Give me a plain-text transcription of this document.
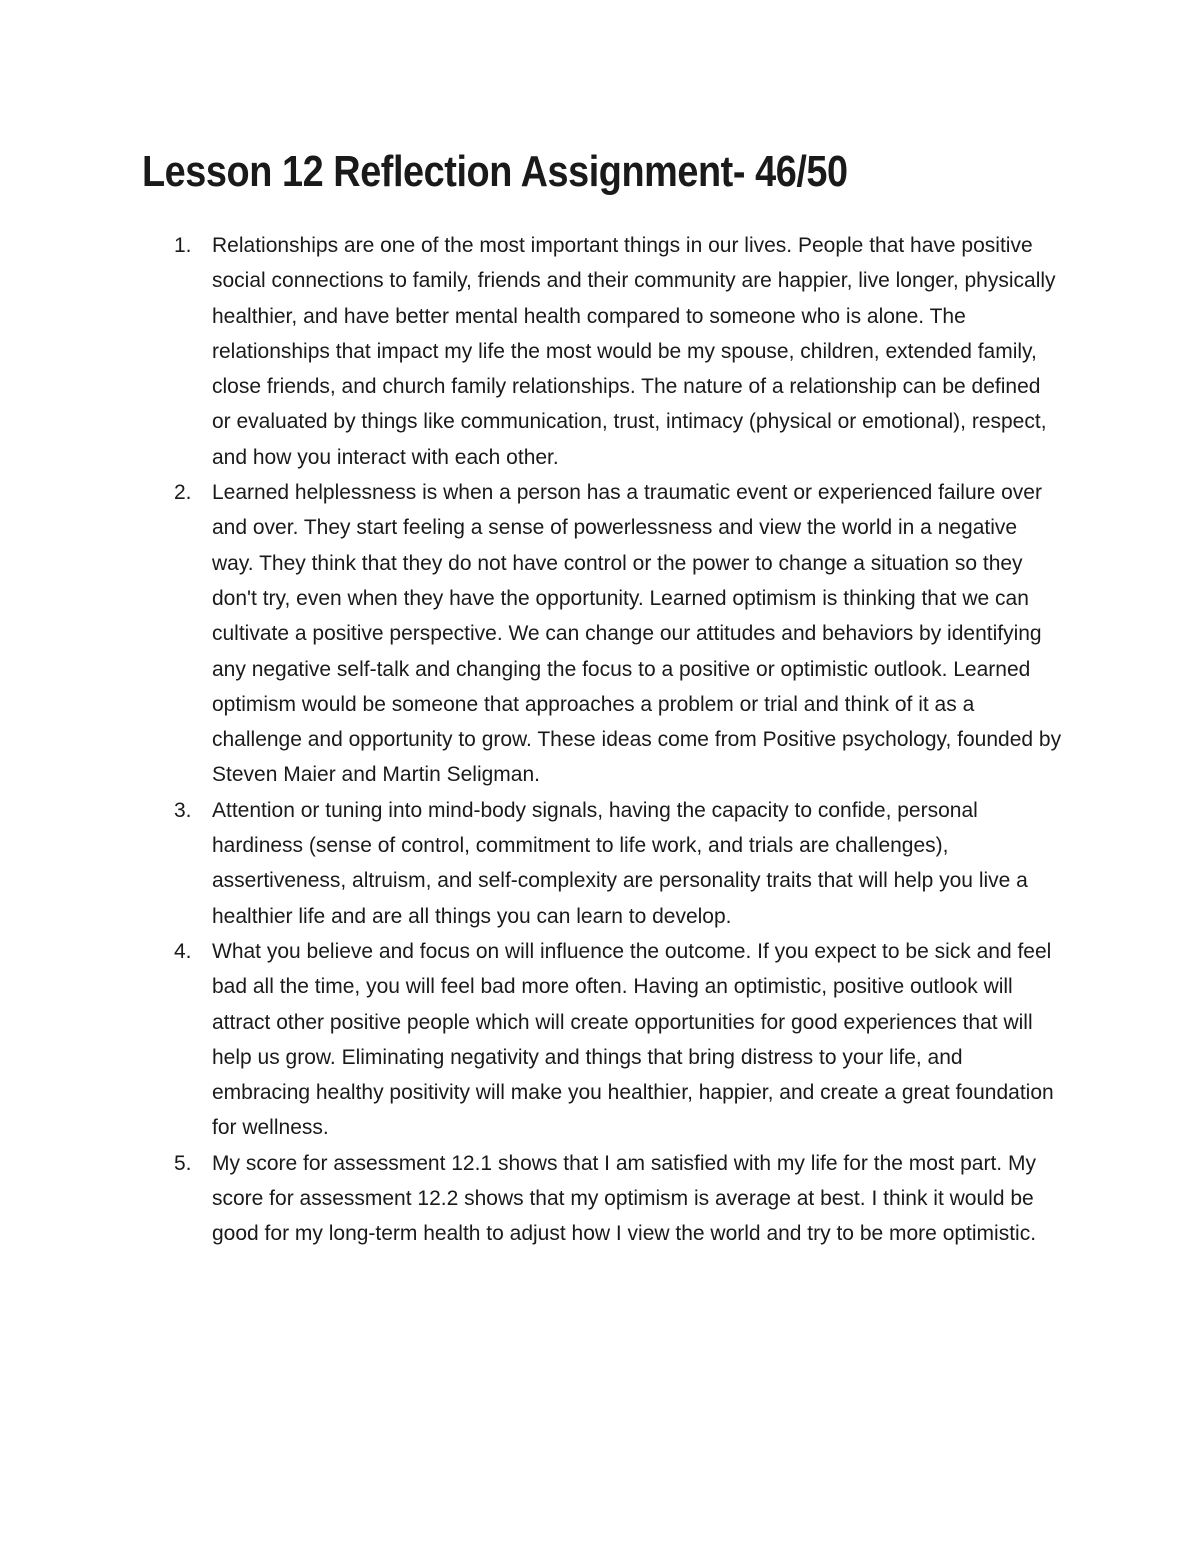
Lesson 12 Reflection Assignment- 46/50
1. Relationships are one of the most important things in our lives. People that have positive social connections to family, friends and their community are happier, live longer, physically healthier, and have better mental health compared to someone who is alone. The relationships that impact my life the most would be my spouse, children, extended family, close friends, and church family relationships. The nature of a relationship can be defined or evaluated by things like communication, trust, intimacy (physical or emotional), respect, and how you interact with each other.
2. Learned helplessness is when a person has a traumatic event or experienced failure over and over. They start feeling a sense of powerlessness and view the world in a negative way. They think that they do not have control or the power to change a situation so they don't try, even when they have the opportunity. Learned optimism is thinking that we can cultivate a positive perspective. We can change our attitudes and behaviors by identifying any negative self-talk and changing the focus to a positive or optimistic outlook. Learned optimism would be someone that approaches a problem or trial and think of it as a challenge and opportunity to grow. These ideas come from Positive psychology, founded by Steven Maier and Martin Seligman.
3. Attention or tuning into mind-body signals, having the capacity to confide, personal hardiness (sense of control, commitment to life work, and trials are challenges), assertiveness, altruism, and self-complexity are personality traits that will help you live a healthier life and are all things you can learn to develop.
4. What you believe and focus on will influence the outcome. If you expect to be sick and feel bad all the time, you will feel bad more often. Having an optimistic, positive outlook will attract other positive people which will create opportunities for good experiences that will help us grow. Eliminating negativity and things that bring distress to your life, and embracing healthy positivity will make you healthier, happier, and create a great foundation for wellness.
5. My score for assessment 12.1 shows that I am satisfied with my life for the most part. My score for assessment 12.2 shows that my optimism is average at best. I think it would be good for my long-term health to adjust how I view the world and try to be more optimistic.
